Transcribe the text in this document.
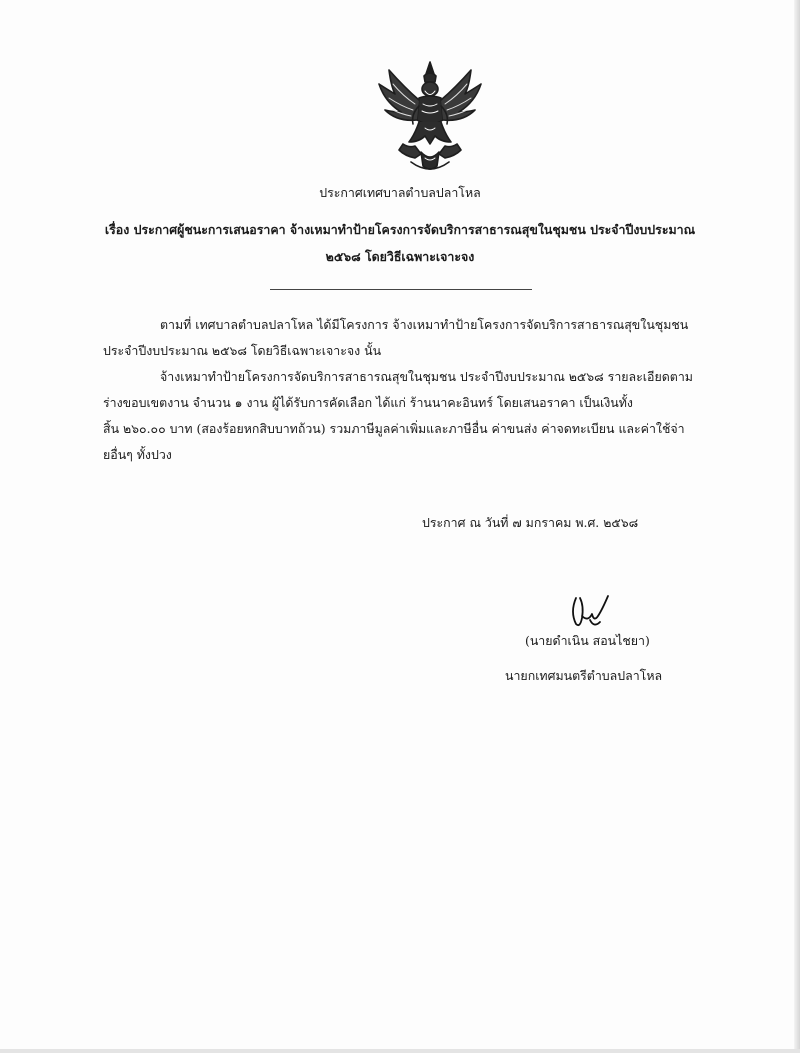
ประกาศเทศบาลตำบลปลาโหล
เรื่อง ประกาศผู้ชนะการเสนอราคา จ้างเหมาทำป้ายโครงการจัดบริการสาธารณสุขในชุมชน ประจำปีงบประมาณ
๒๕๖๘ โดยวิธีเฉพาะเจาะจง
ตามที่ เทศบาลตำบลปลาโหล ได้มีโครงการ จ้างเหมาทำป้ายโครงการจัดบริการสาธารณสุขในชุมชน
ประจำปีงบประมาณ ๒๕๖๘ โดยวิธีเฉพาะเจาะจง นั้น
จ้างเหมาทำป้ายโครงการจัดบริการสาธารณสุขในชุมชน ประจำปีงบประมาณ ๒๕๖๘ รายละเอียดตาม
ร่างขอบเขตงาน จำนวน ๑ งาน ผู้ได้รับการคัดเลือก ได้แก่ ร้านนาคะอินทร์ โดยเสนอราคา เป็นเงินทั้ง
สิ้น ๒๖๐.๐๐ บาท (สองร้อยหกสิบบาทถ้วน) รวมภาษีมูลค่าเพิ่มและภาษีอื่น ค่าขนส่ง ค่าจดทะเบียน และค่าใช้จ่า
ยอื่นๆ ทั้งปวง
ประกาศ ณ วันที่ ๗ มกราคม พ.ศ. ๒๕๖๘
(นายดำเนิน สอนไชยา)
นายกเทศมนตรีตำบลปลาโหล
